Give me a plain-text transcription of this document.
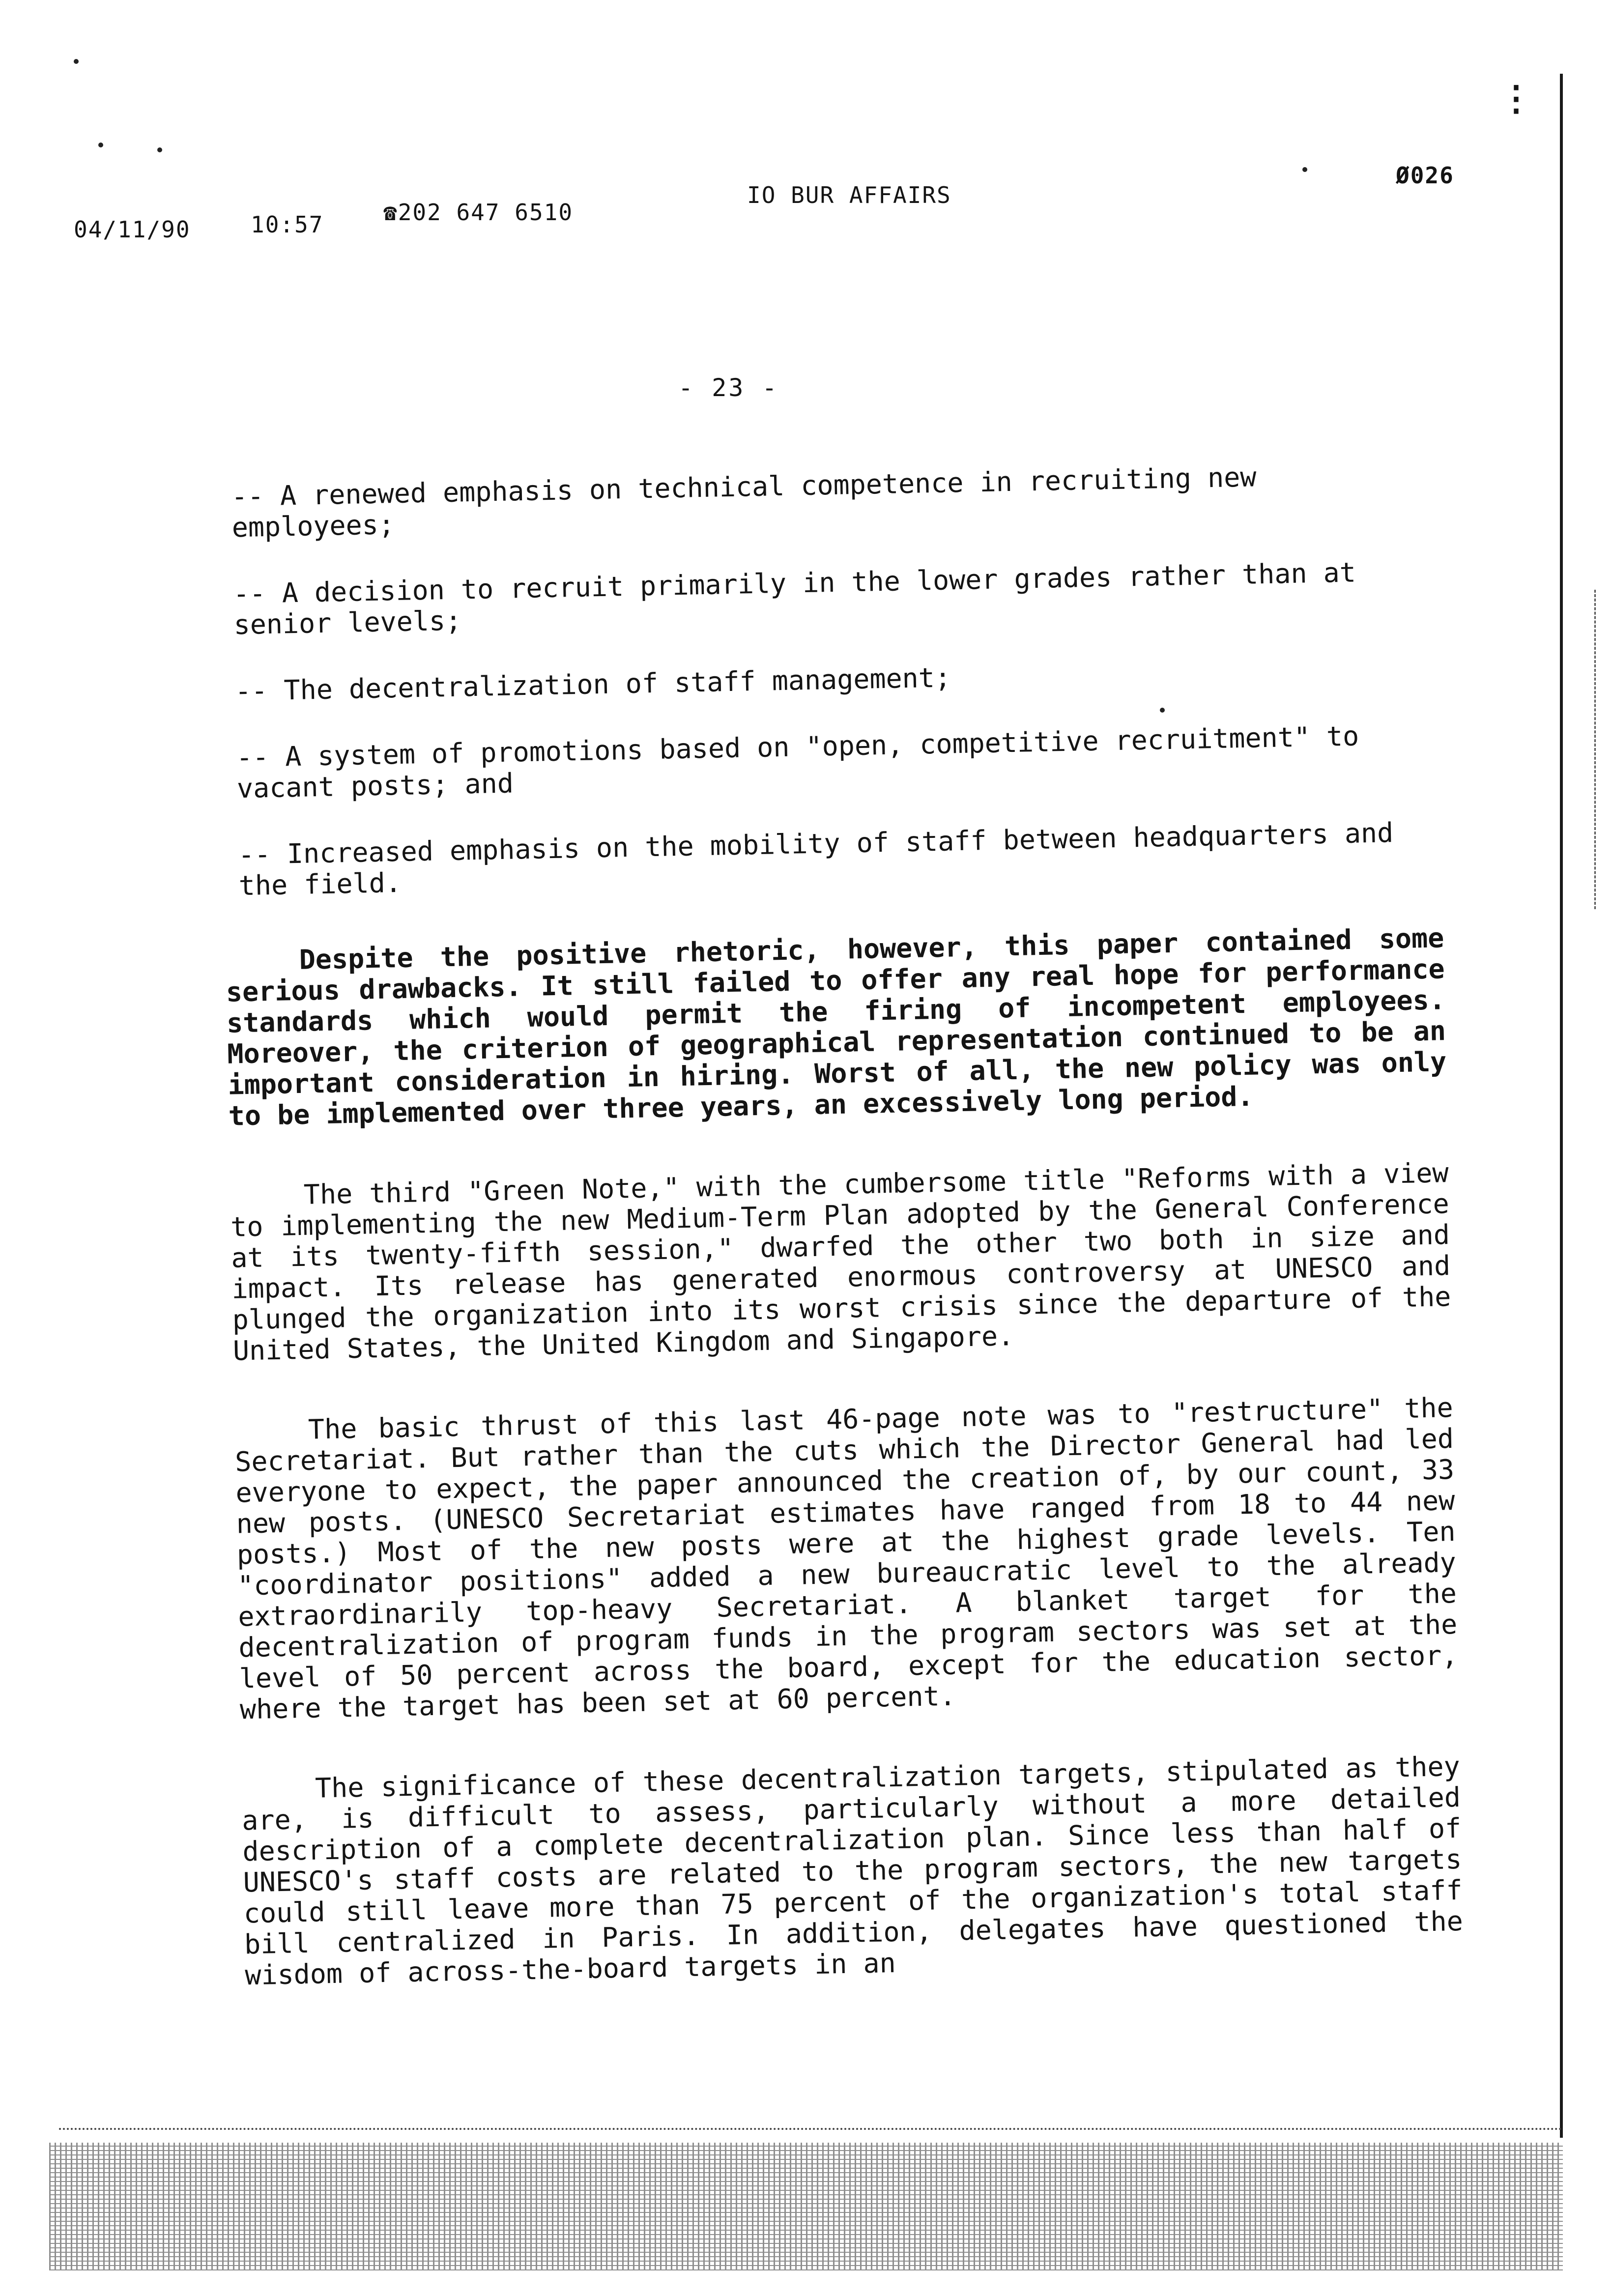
04/11/90	10:57	☎202 647 6510
IO BUR AFFAIRS
Ø026
- 23 -
-- A renewed emphasis on technical competence in recruiting new employees;
-- A decision to recruit primarily in the lower grades rather than at senior levels;
-- The decentralization of staff management;
-- A system of promotions based on "open, competitive recruitment" to vacant posts; and
-- Increased emphasis on the mobility of staff between headquarters and the field.

Despite the positive rhetoric, however, this paper contained some serious drawbacks. It still failed to offer any real hope for performance standards which would permit the firing of incompetent employees. Moreover, the criterion of geographical representation continued to be an important consideration in hiring. Worst of all, the new policy was only to be implemented over three years, an excessively long period.

The third "Green Note," with the cumbersome title "Reforms with a view to implementing the new Medium-Term Plan adopted by the General Conference at its twenty-fifth session," dwarfed the other two both in size and impact. Its release has generated enormous controversy at UNESCO and plunged the organization into its worst crisis since the departure of the United States, the United Kingdom and Singapore.

The basic thrust of this last 46-page note was to "restructure" the Secretariat. But rather than the cuts which the Director General had led everyone to expect, the paper announced the creation of, by our count, 33 new posts. (UNESCO Secretariat estimates have ranged from 18 to 44 new posts.) Most of the new posts were at the highest grade levels. Ten "coordinator positions" added a new bureaucratic level to the already extraordinarily top-heavy Secretariat. A blanket target for the decentralization of program funds in the program sectors was set at the level of 50 percent across the board, except for the education sector, where the target has been set at 60 percent.

The significance of these decentralization targets, stipulated as they are, is difficult to assess, particularly without a more detailed description of a complete decentralization plan. Since less than half of UNESCO's staff costs are related to the program sectors, the new targets could still leave more than 75 percent of the organization's total staff bill centralized in Paris. In addition, delegates have questioned the wisdom of across-the-board targets in an

⋮
